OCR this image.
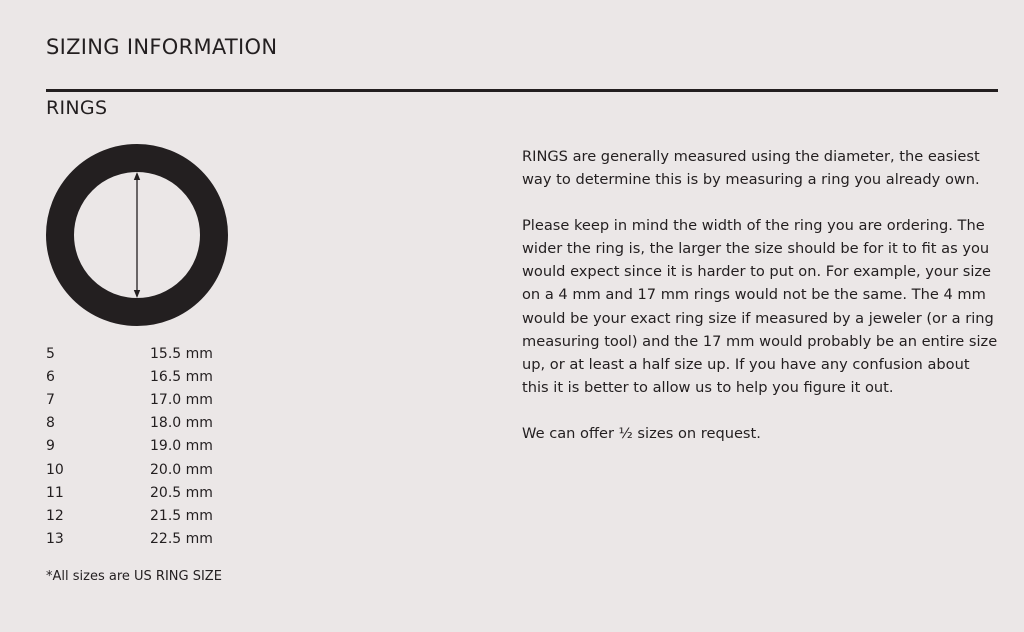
SIZING INFORMATION
RINGS
5	15.5 mm
6	16.5 mm
7	17.0 mm
8	18.0 mm
9	19.0 mm
10	20.0 mm
11	20.5 mm
12	21.5 mm
13	22.5 mm
*All sizes are US RING SIZE

RINGS are generally measured using the diameter, the easiest way to determine this is by measuring a ring you already own.

Please keep in mind the width of the ring you are ordering. The wider the ring is, the larger the size should be for it to fit as you would expect since it is harder to put on. For example, your size on a 4 mm and 17 mm rings would not be the same. The 4 mm would be your exact ring size if measured by a jeweler (or a ring measuring tool) and the 17 mm would probably be an entire size up, or at least a half size up. If you have any confusion about this it is better to allow us to help you figure it out.

We can offer ½ sizes on request.
